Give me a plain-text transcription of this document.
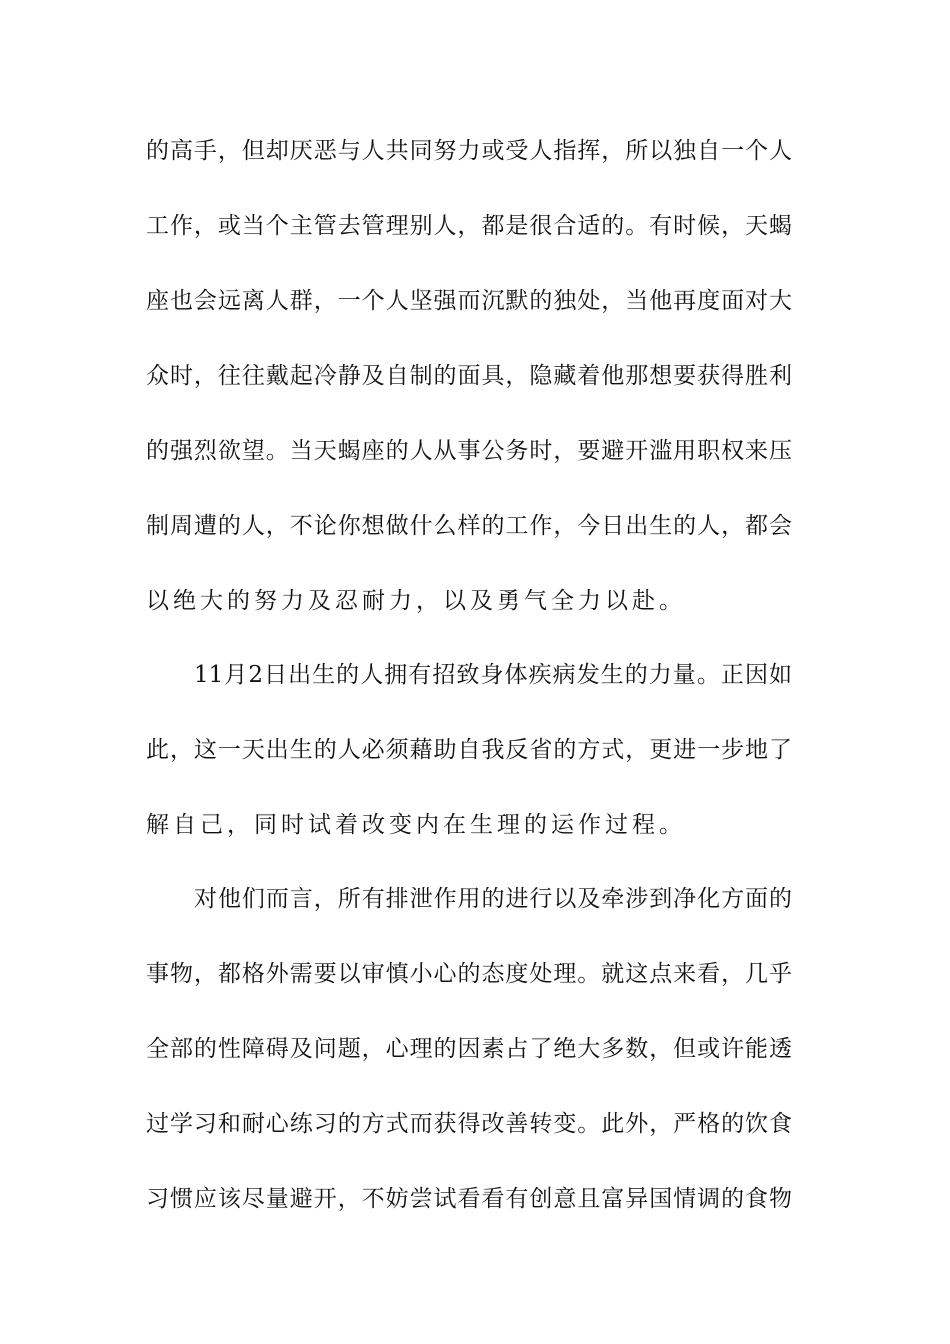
的高手，但却厌恶与人共同努力或受人指挥，所以独自一个人
工作，或当个主管去管理别人，都是很合适的。有时候，天蝎
座也会远离人群，一个人坚强而沉默的独处，当他再度面对大
众时，往往戴起冷静及自制的面具，隐藏着他那想要获得胜利
的强烈欲望。当天蝎座的人从事公务时，要避开滥用职权来压
制周遭的人，不论你想做什么样的工作，今日出生的人，都会
以绝大的努力及忍耐力，以及勇气全力以赴。
11月2日出生的人拥有招致身体疾病发生的力量。正因如
此，这一天出生的人必须藉助自我反省的方式，更进一步地了
解自己，同时试着改变内在生理的运作过程。
对他们而言，所有排泄作用的进行以及牵涉到净化方面的
事物，都格外需要以审慎小心的态度处理。就这点来看，几乎
全部的性障碍及问题，心理的因素占了绝大多数，但或许能透
过学习和耐心练习的方式而获得改善转变。此外，严格的饮食
习惯应该尽量避开，不妨尝试看看有创意且富异国情调的食物
